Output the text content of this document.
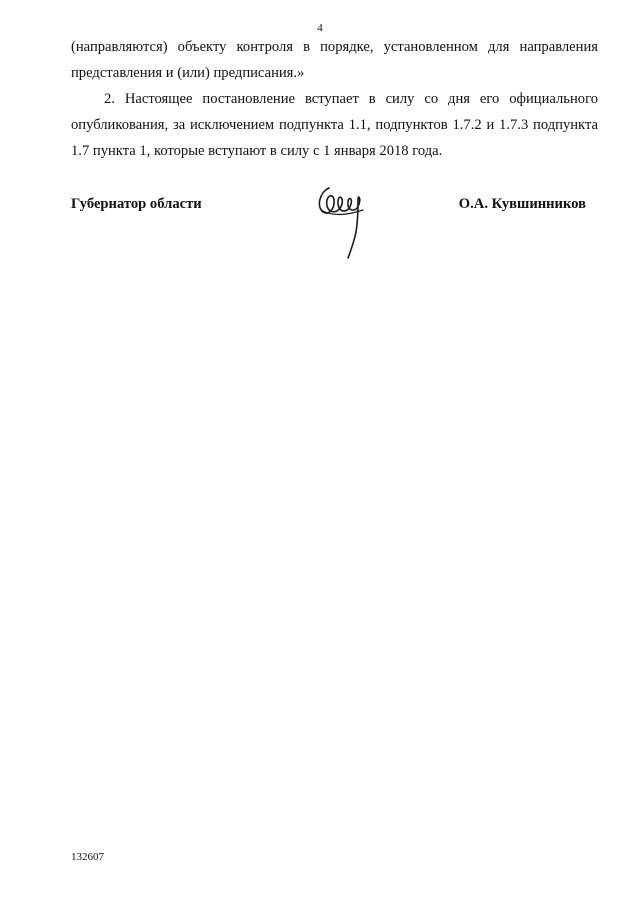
4

(направляются) объекту контроля в порядке, установленном для направления представления и (или) предписания.»

2. Настоящее постановление вступает в силу со дня его официального опубликования, за исключением подпункта 1.1, подпунктов 1.7.2 и 1.7.3 подпункта 1.7 пункта 1, которые вступают в силу с 1 января 2018 года.

Губернатор области	О.А. Кувшинников
132607
